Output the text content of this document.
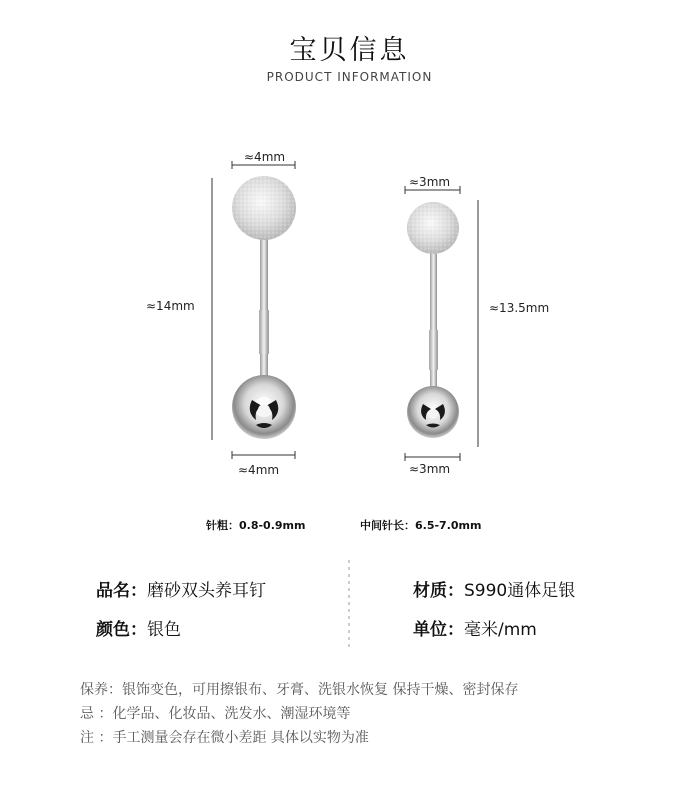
宝贝信息
PRODUCT INFORMATION
≈4mm
≈14mm
≈4mm
≈3mm
≈13.5mm
≈3mm
针粗：0.8-0.9mm	中间针长：6.5-7.0mm
品名：磨砂双头养耳钉	材质：S990通体足银
颜色：银色	单位：毫米/mm
保养：银饰变色，可用擦银布、牙膏、洗银水恢复 保持干燥、密封保存
忌 ：化学品、化妆品、洗发水、潮湿环境等
注 ：手工测量会存在微小差距 具体以实物为准
